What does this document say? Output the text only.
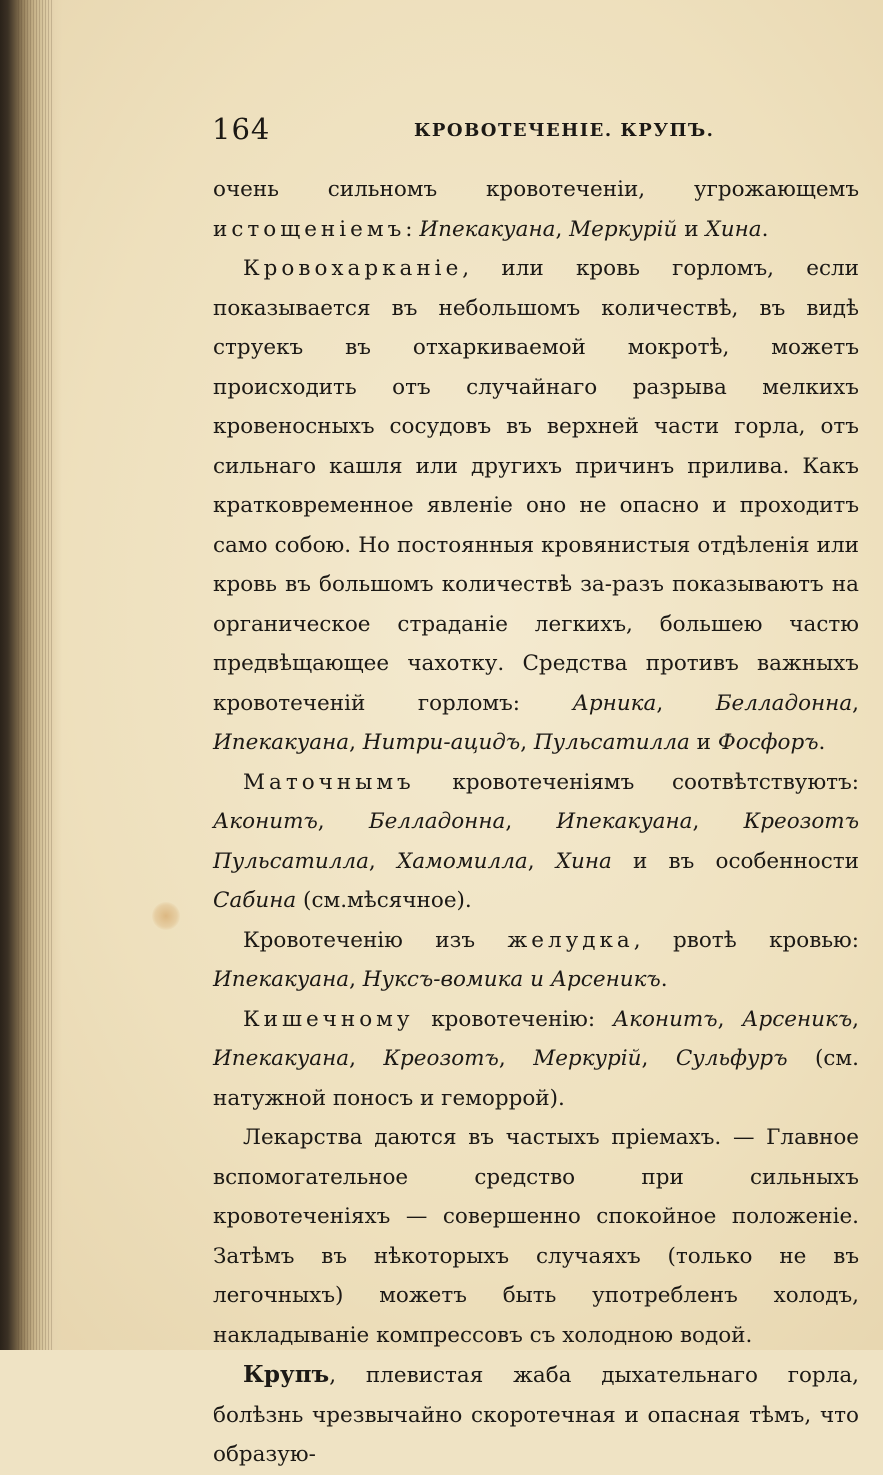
164	КРОВОТЕЧЕНІЕ. КРУПЪ.

очень сильномъ кровотеченіи, угрожающемъ истощеніемъ: Ипекакуана, Меркурій и Хина.

Кровохарканіе, или кровь горломъ, если показывается въ небольшомъ количествѣ, въ видѣ струекъ въ отхаркиваемой мокротѣ, можетъ происходить отъ случайнаго разрыва мелкихъ кровеносныхъ сосудовъ въ верхней части горла, отъ сильнаго кашля или другихъ причинъ прилива. Какъ кратковременное явленіе оно не опасно и проходитъ само собою. Но постоянныя кровянистыя отдѣленія или кровь въ большомъ количествѣ за-разъ показываютъ на органическое страданіе легкихъ, большею частю предвѣщающее чахотку. Средства противъ важныхъ кровотеченій горломъ: Арника, Белладонна, Ипекакуана, Нитри-ацидъ, Пульсатилла и Фосфоръ.

Маточнымъ кровотеченіямъ соотвѣтствуютъ: Аконитъ, Белладонна, Ипекакуана, Креозотъ Пульсатилла, Хамомилла, Хина и въ особенности Сабина (см.мѣсячное).

Кровотеченію изъ желудка, рвотѣ кровью: Ипекакуана, Нуксъ-вомика и Арсеникъ.

Кишечному кровотеченію: Аконитъ, Арсеникъ, Ипекакуана, Креозотъ, Меркурій, Сульфуръ (см. натужной поносъ и геморрой).

Лекарства даются въ частыхъ пріемахъ. — Главное вспомогательное средство при сильныхъ кровотеченіяхъ — совершенно спокойное положеніе. Затѣмъ въ нѣкоторыхъ случаяхъ (только не въ легочныхъ) можетъ быть употребленъ холодъ, накладываніе компрессовъ съ холодною водой.

Крупъ, плевистая жаба дыхательнаго горла, болѣзнь чрезвычайно скоротечная и опасная тѣмъ, что образую-
